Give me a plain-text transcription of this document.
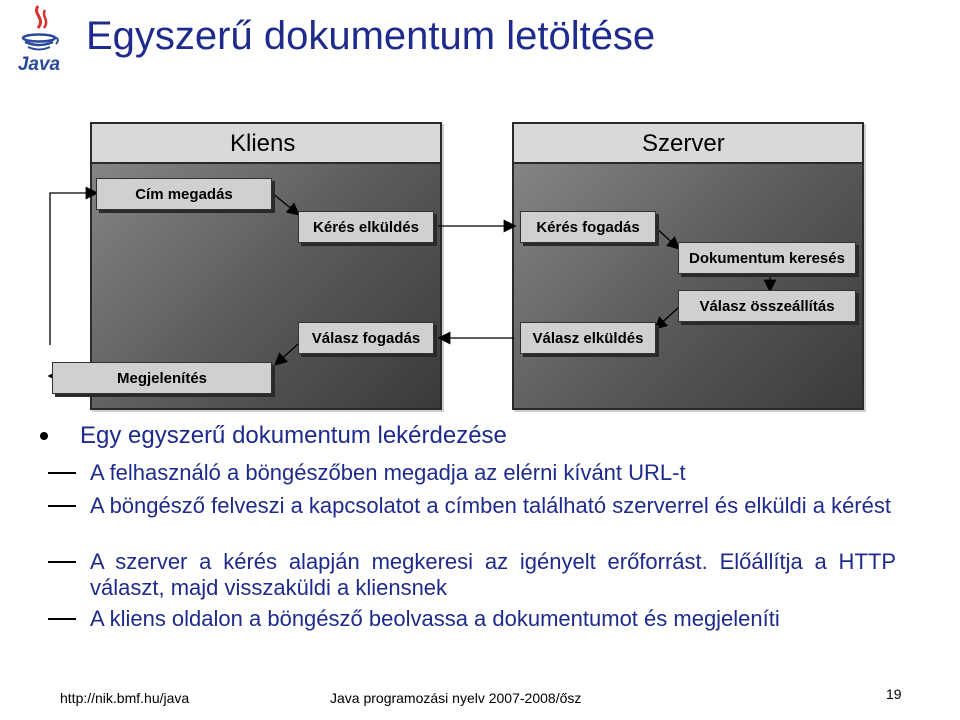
Java
Egyszerű dokumentum letöltése
Kliens	Szerver
Cím megadás
Kérés elküldés	Kérés fogadás
Dokumentum keresés
Válasz összeállítás
Válasz elküldés
Válasz fogadás
Megjelenítés
Egy egyszerű dokumentum lekérdezése
A felhasználó a böngészőben megadja az elérni kívánt URL-t
A böngésző felveszi a kapcsolatot a címben található szerverrel és elküldi a kérést
A szerver a kérés alapján megkeresi az igényelt erőforrást. Előállítja a HTTP választ, majd visszaküldi a kliensnek
A kliens oldalon a böngésző beolvassa a dokumentumot és megjeleníti
http://nik.bmf.hu/java	Java programozási nyelv 2007-2008/ősz	19
